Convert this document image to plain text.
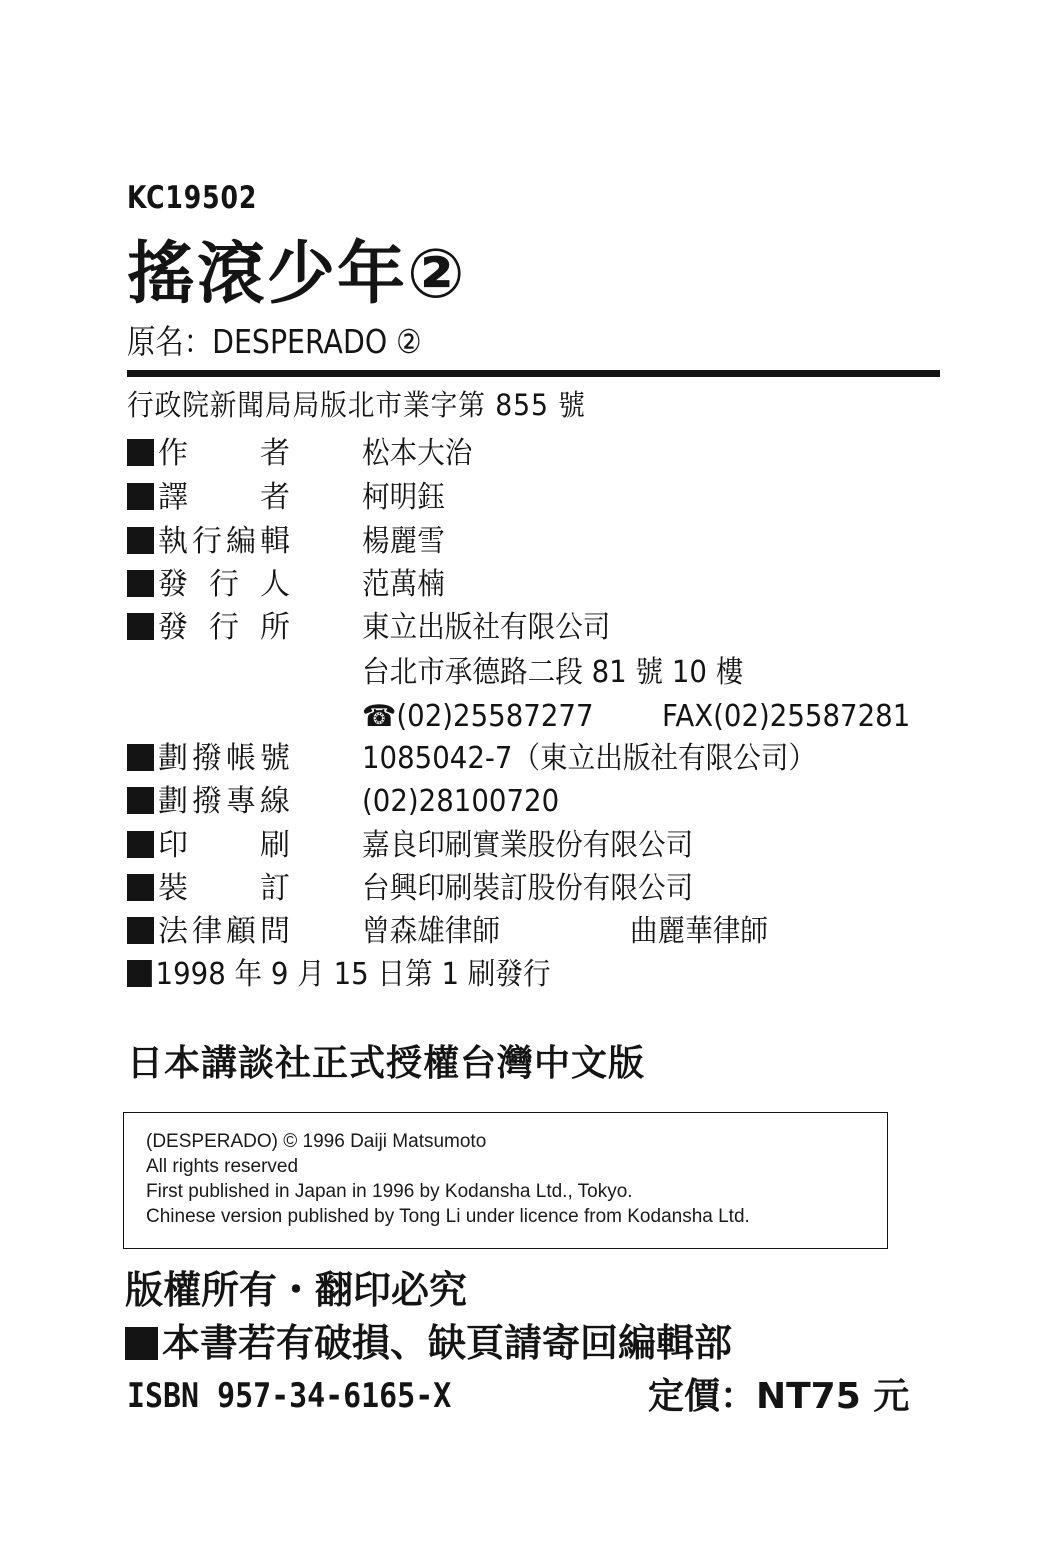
KC19502
搖滾少年②
原名：DESPERADO ②
行政院新聞局局版北市業字第 855 號
作者 松本大治
譯者 柯明鈺
執行編輯 楊麗雪
發行人 范萬楠
發行所 東立出版社有限公司
台北市承德路二段 81 號 10 樓
☎(02)25587277 FAX(02)25587281
劃撥帳號 1085042-7（東立出版社有限公司）
劃撥專線 (02)28100720
印刷 嘉良印刷實業股份有限公司
裝訂 台興印刷裝訂股份有限公司
法律顧問 曾森雄律師	曲麗華律師
1998 年 9 月 15 日第 1 刷發行
日本講談社正式授權台灣中文版
(DESPERADO) © 1996 Daiji Matsumoto
All rights reserved
First published in Japan in 1996 by Kodansha Ltd., Tokyo.
Chinese version published by Tong Li under licence from Kodansha Ltd.
版權所有・翻印必究
本書若有破損、缺頁請寄回編輯部
ISBN 957-34-6165-X	定價：NT75 元
